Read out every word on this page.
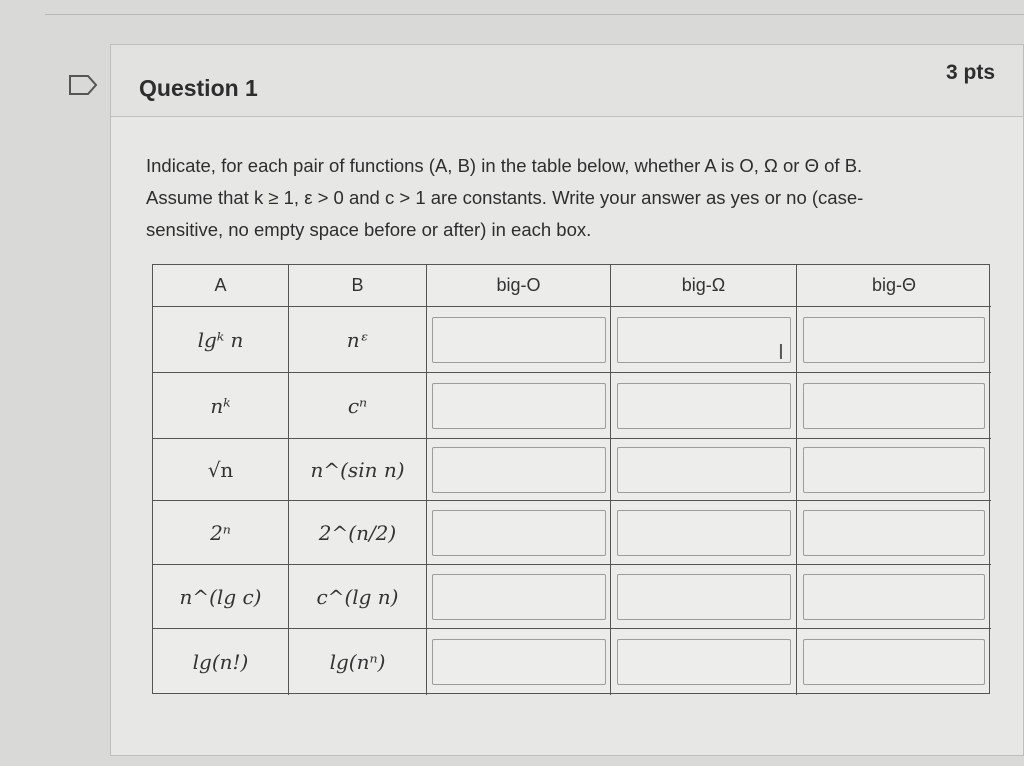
Question 1
3 pts
Indicate, for each pair of functions (A, B) in the table below, whether A is O, Ω or Θ of B.
Assume that k ≥ 1, ε > 0 and c > 1 are constants. Write your answer as yes or no (case-
sensitive, no empty space before or after) in each box.
A	B	big-O	big-Ω	big-Θ
lgᵏ n	nᵋ
nᵏ	cⁿ
√n	n^(sin n)
2ⁿ	2^(n/2)
n^(lg c)	c^(lg n)
lg(n!)	lg(nⁿ)
Ι
